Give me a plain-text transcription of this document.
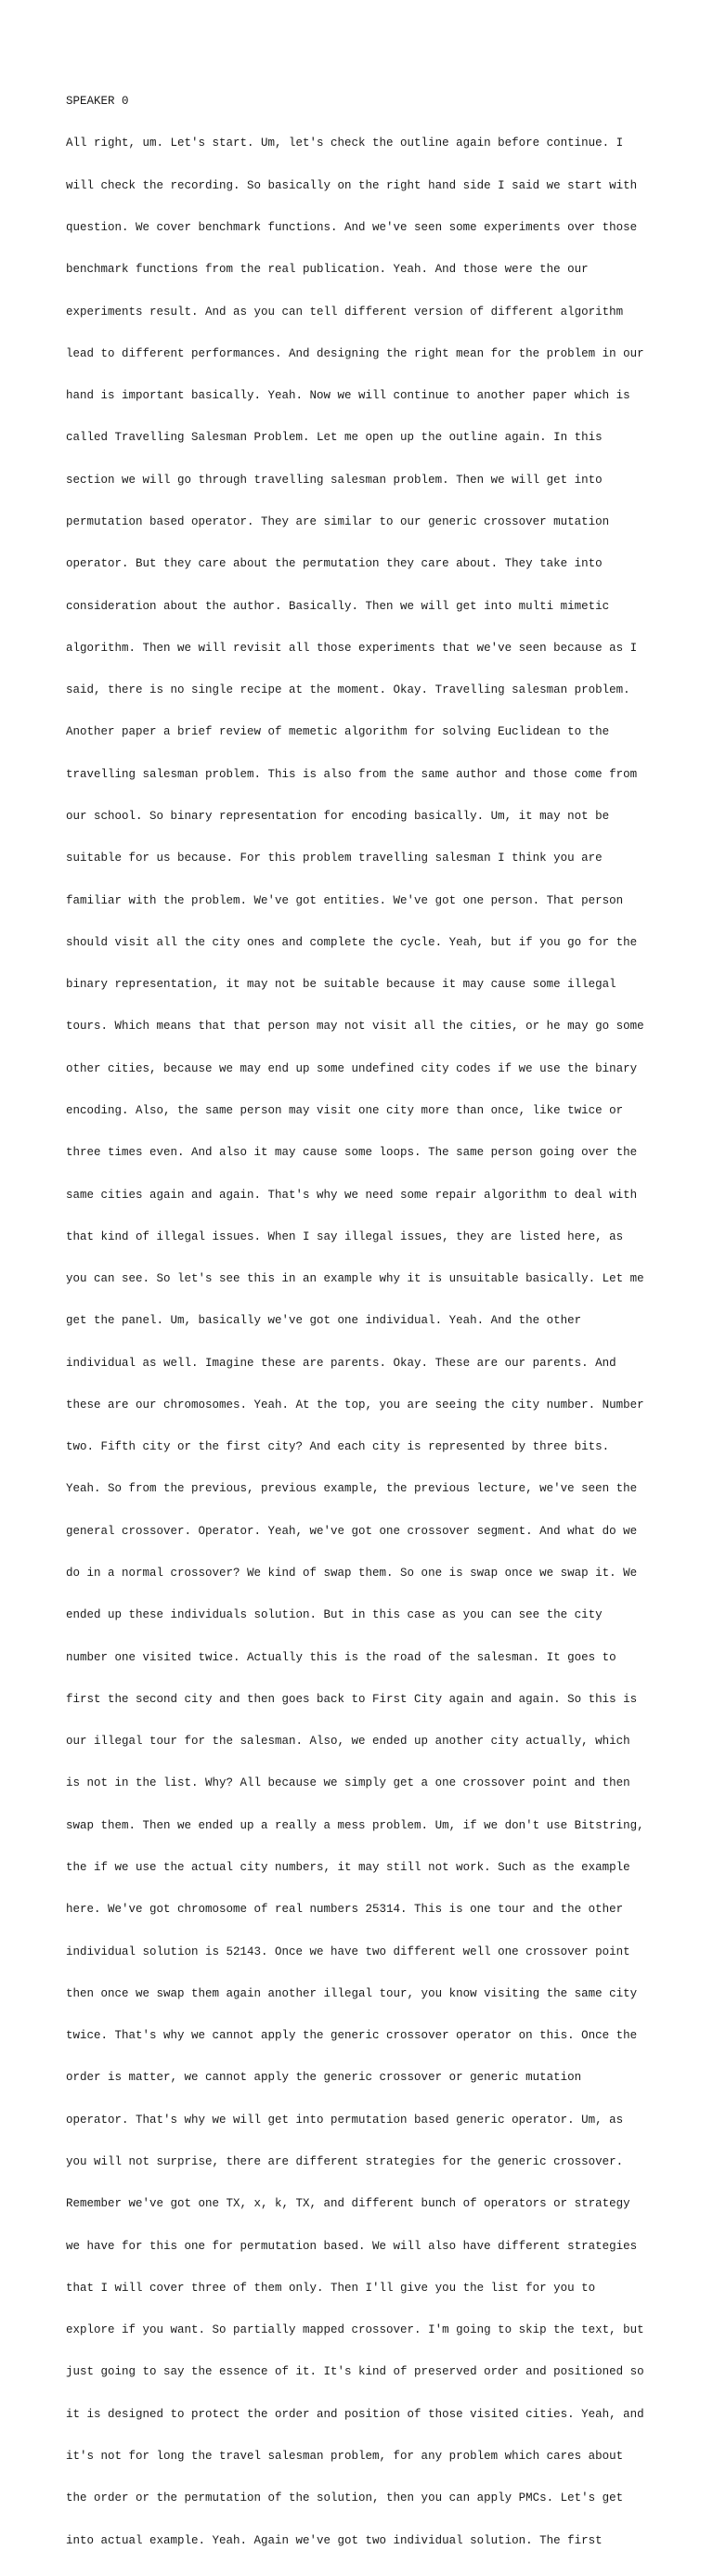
SPEAKER 0

All right, um. Let's start. Um, let's check the outline again before continue. I

will check the recording. So basically on the right hand side I said we start with

question. We cover benchmark functions. And we've seen some experiments over those

benchmark functions from the real publication. Yeah. And those were the our

experiments result. And as you can tell different version of different algorithm

lead to different performances. And designing the right mean for the problem in our

hand is important basically. Yeah. Now we will continue to another paper which is

called Travelling Salesman Problem. Let me open up the outline again. In this

section we will go through travelling salesman problem. Then we will get into

permutation based operator. They are similar to our generic crossover mutation

operator. But they care about the permutation they care about. They take into

consideration about the author. Basically. Then we will get into multi mimetic

algorithm. Then we will revisit all those experiments that we've seen because as I

said, there is no single recipe at the moment. Okay. Travelling salesman problem.

Another paper a brief review of memetic algorithm for solving Euclidean to the

travelling salesman problem. This is also from the same author and those come from

our school. So binary representation for encoding basically. Um, it may not be

suitable for us because. For this problem travelling salesman I think you are

familiar with the problem. We've got entities. We've got one person. That person

should visit all the city ones and complete the cycle. Yeah, but if you go for the

binary representation, it may not be suitable because it may cause some illegal

tours. Which means that that person may not visit all the cities, or he may go some

other cities, because we may end up some undefined city codes if we use the binary

encoding. Also, the same person may visit one city more than once, like twice or

three times even. And also it may cause some loops. The same person going over the

same cities again and again. That's why we need some repair algorithm to deal with

that kind of illegal issues. When I say illegal issues, they are listed here, as

you can see. So let's see this in an example why it is unsuitable basically. Let me

get the panel. Um, basically we've got one individual. Yeah. And the other

individual as well. Imagine these are parents. Okay. These are our parents. And

these are our chromosomes. Yeah. At the top, you are seeing the city number. Number

two. Fifth city or the first city? And each city is represented by three bits.

Yeah. So from the previous, previous example, the previous lecture, we've seen the

general crossover. Operator. Yeah, we've got one crossover segment. And what do we

do in a normal crossover? We kind of swap them. So one is swap once we swap it. We

ended up these individuals solution. But in this case as you can see the city

number one visited twice. Actually this is the road of the salesman. It goes to

first the second city and then goes back to First City again and again. So this is

our illegal tour for the salesman. Also, we ended up another city actually, which

is not in the list. Why? All because we simply get a one crossover point and then

swap them. Then we ended up a really a mess problem. Um, if we don't use Bitstring,

the if we use the actual city numbers, it may still not work. Such as the example

here. We've got chromosome of real numbers 25314. This is one tour and the other

individual solution is 52143. Once we have two different well one crossover point

then once we swap them again another illegal tour, you know visiting the same city

twice. That's why we cannot apply the generic crossover operator on this. Once the

order is matter, we cannot apply the generic crossover or generic mutation

operator. That's why we will get into permutation based generic operator. Um, as

you will not surprise, there are different strategies for the generic crossover.

Remember we've got one TX, x, k, TX, and different bunch of operators or strategy

we have for this one for permutation based. We will also have different strategies

that I will cover three of them only. Then I'll give you the list for you to

explore if you want. So partially mapped crossover. I'm going to skip the text, but

just going to say the essence of it. It's kind of preserved order and positioned so

it is designed to protect the order and position of those visited cities. Yeah, and

it's not for long the travel salesman problem, for any problem which cares about

the order or the permutation of the solution, then you can apply PMCs. Let's get

into actual example. Yeah. Again we've got two individual solution. The first
